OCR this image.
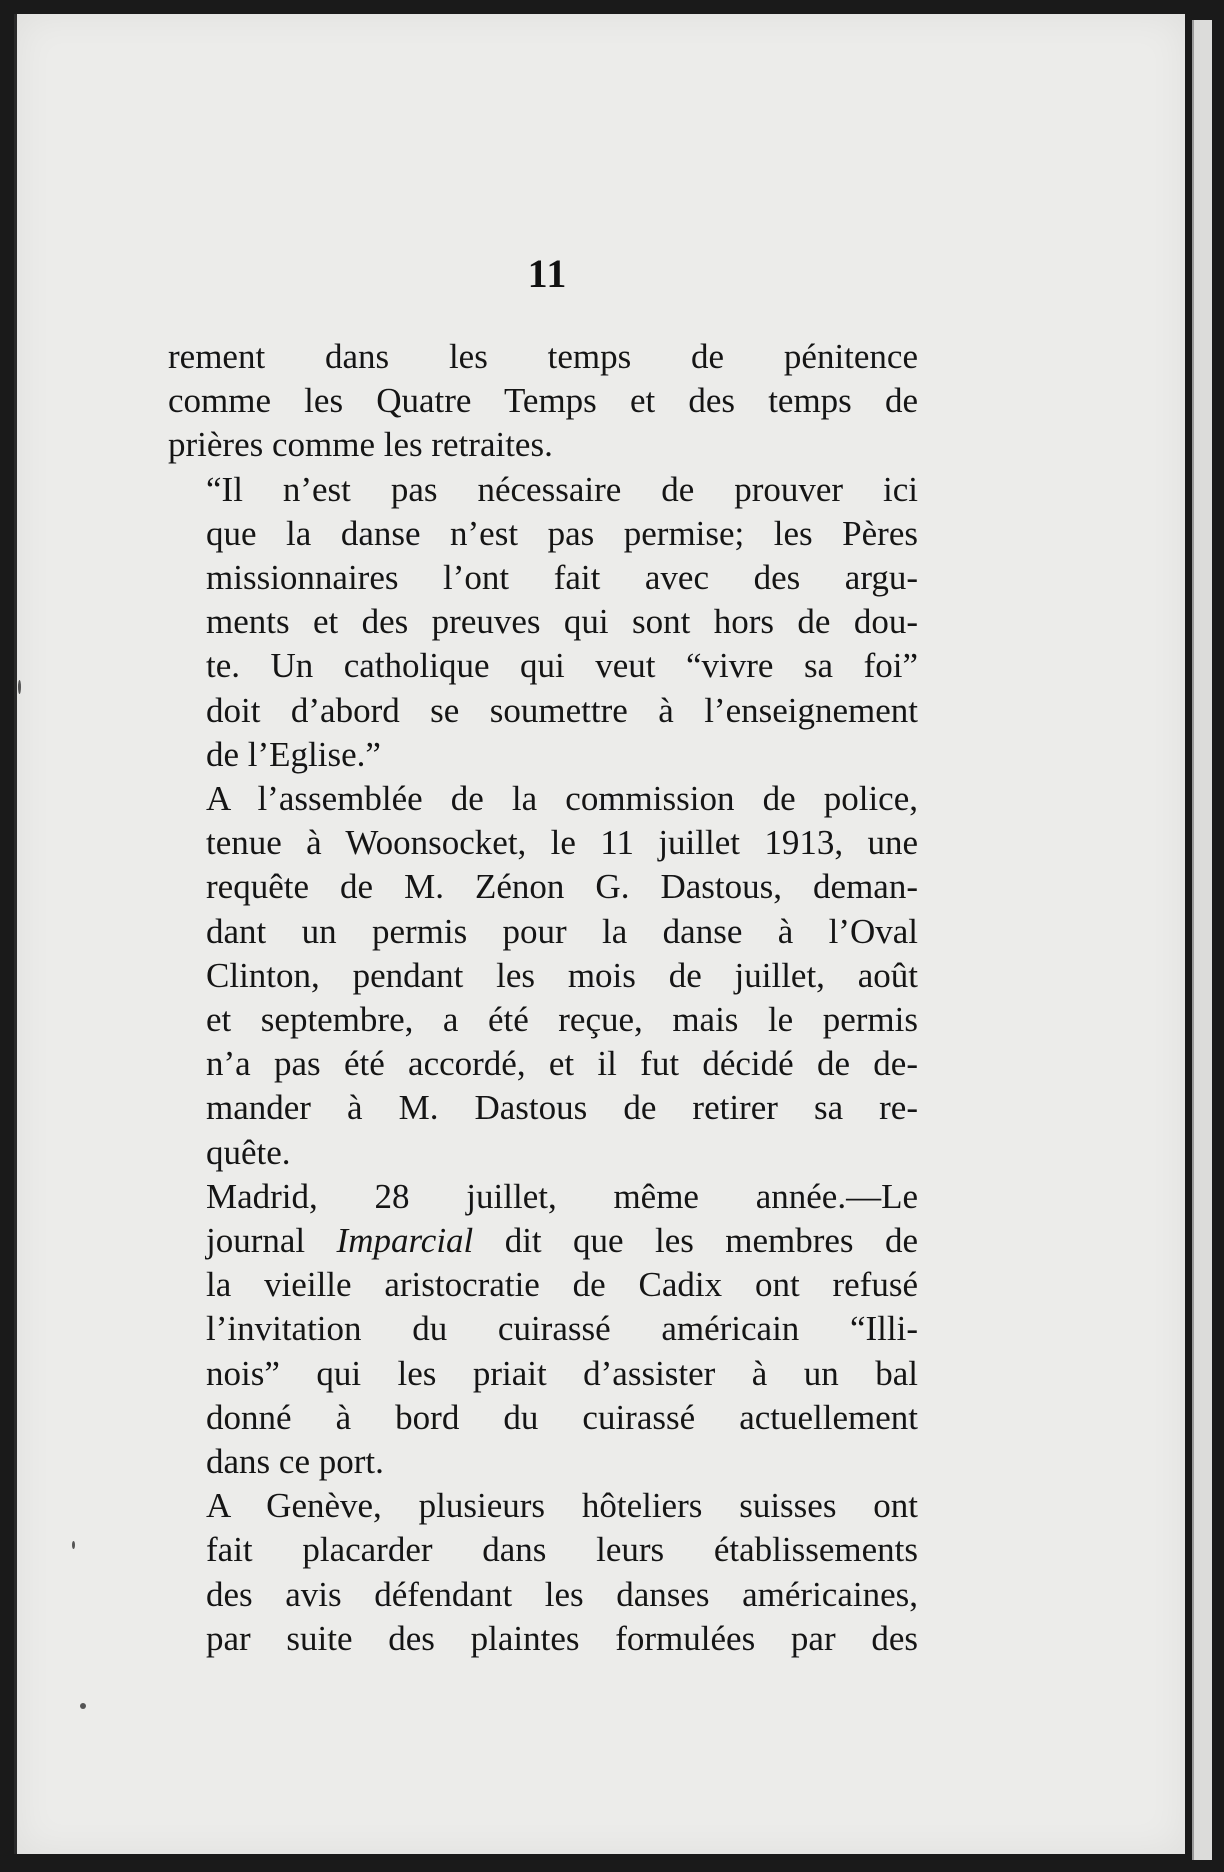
11

rement dans les temps de pénitence
comme les Quatre Temps et des temps de
prières comme les retraites.

“Il n’est pas nécessaire de prouver ici
que la danse n’est pas permise; les Pères
missionnaires l’ont fait avec des argu-
ments et des preuves qui sont hors de dou-
te. Un catholique qui veut “vivre sa foi”
doit d’abord se soumettre à l’enseignement
de l’Eglise.”

A l’assemblée de la commission de police,
tenue à Woonsocket, le 11 juillet 1913, une
requête de M. Zénon G. Dastous, deman-
dant un permis pour la danse à l’Oval
Clinton, pendant les mois de juillet, août
et septembre, a été reçue, mais le permis
n’a pas été accordé, et il fut décidé de de-
mander à M. Dastous de retirer sa re-
quête.

Madrid, 28 juillet, même année.—Le
journal Imparcial dit que les membres de
la vieille aristocratie de Cadix ont refusé
l’invitation du cuirassé américain “Illi-
nois” qui les priait d’assister à un bal
donné à bord du cuirassé actuellement
dans ce port.

A Genève, plusieurs hôteliers suisses ont
fait placarder dans leurs établissements
des avis défendant les danses américaines,
par suite des plaintes formulées par des
